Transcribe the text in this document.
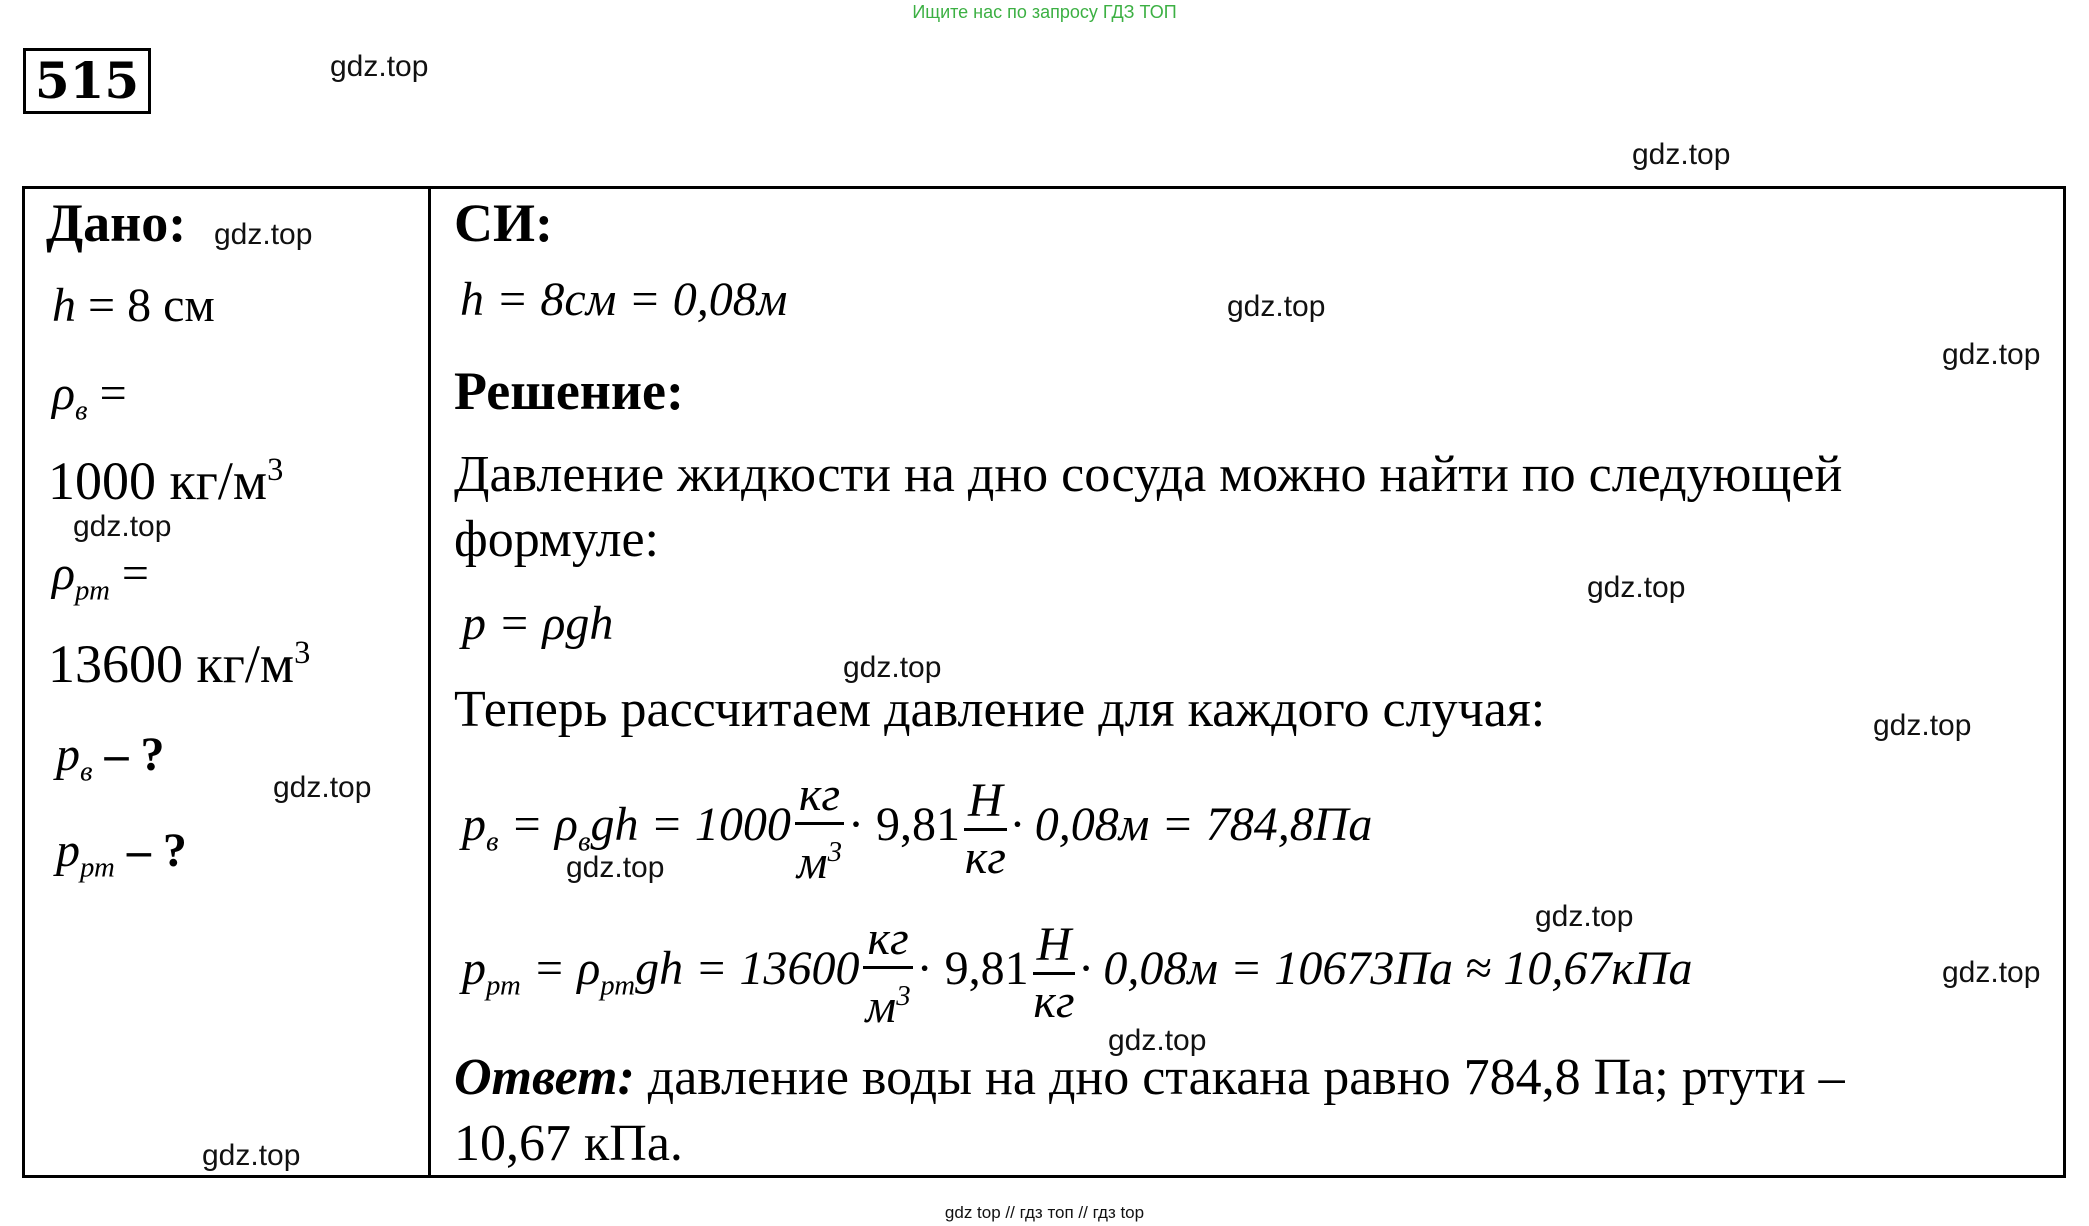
Ищите нас по запросу ГДЗ ТОП
515	gdz.top
gdz.top
gdz.top
gdz.top
gdz.top
gdz.top
gdz.top
gdz.top
gdz.top
gdz.top
gdz.top
gdz.top
gdz.top
gdz.top
gdz.top
Дано:
h = 8 см
$\rho_в$ =
1000 $кг/м^3$
$\rho_{рт}$ =
13600 $кг/м^3$
$p_в$ – ?
$p_{рт}$ – ?
СИ:
h = 8см = 0,08м
Решение:
Давление жидкости на дно сосуда можно найти по следующей
формуле:
p = ρgh
Теперь рассчитаем давление для каждого случая:
$p_в = \rho_вgh = 1000 \frac{кг}{м^3} \cdot 9,81 \frac{Н}{кг} \cdot 0,08м = 784,8Па$
$p_{рт} = \rho_{рт}gh = 13600 \frac{кг}{м^3} \cdot 9,81 \frac{Н}{кг} \cdot 0,08м = 10673Па \approx 10,67кПа$
Ответ: давление воды на дно стакана равно 784,8 Па; ртути –
10,67 кПа.
gdz top // гдз топ // гдз top
